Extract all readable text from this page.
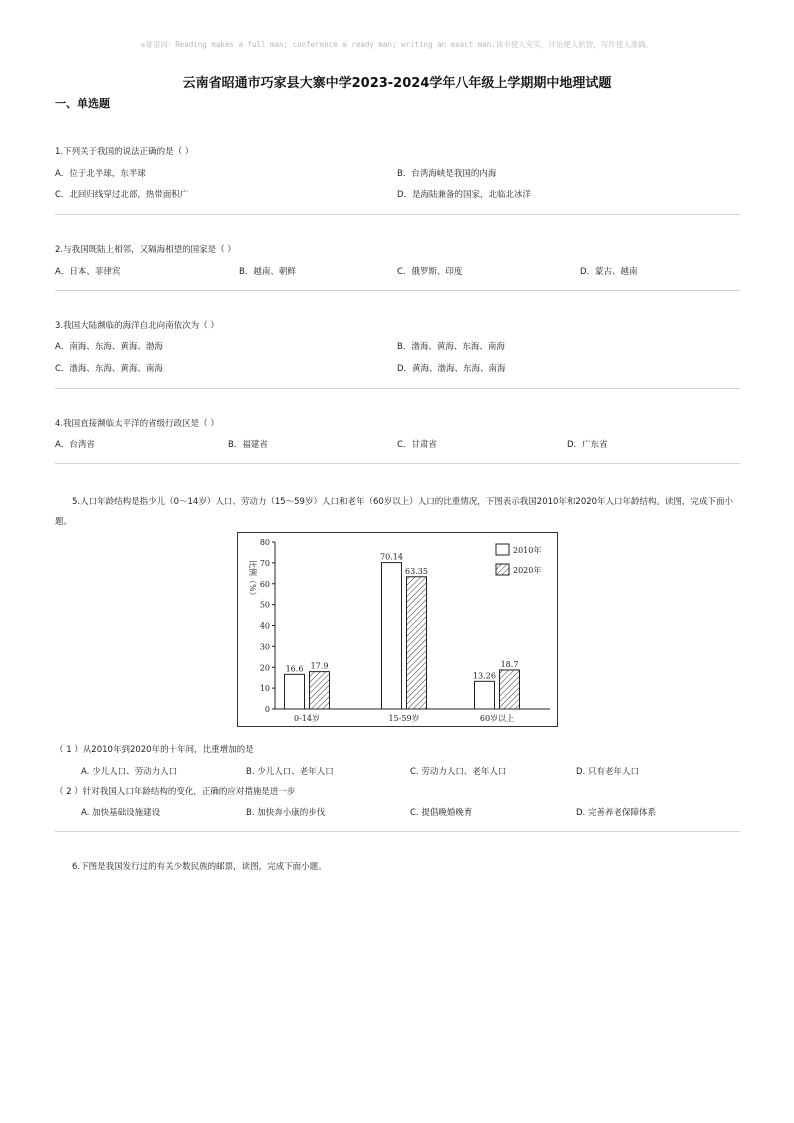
◎寄语词：Reading makes a full man; conference a ready man; writing an exact man.读书使人充实，讨论使人机智，写作使人准确。
云南省昭通市巧家县大寨中学2023-2024学年八年级上学期期中地理试题
一、单选题
1.下列关于我国的说法正确的是（ ）
A．位于北半球，东半球	B．台湾海峡是我国的内海
C．北回归线穿过北部，热带面积广	D．是海陆兼备的国家，北临北冰洋
2.与我国既陆上相邻，又隔海相望的国家是（ ）
A．日本、菲律宾	B．越南、朝鲜	C．俄罗斯、印度	D．蒙古、越南
3.我国大陆濒临的海洋自北向南依次为（ ）
A．南海、东海、黄海、渤海	B．渤海、黄海、东海、南海
C．渤海、东海、黄海、南海	D．黄海、渤海、东海、南海
4.我国直接濒临太平洋的省级行政区是（ ）
A．台湾省	B．福建省	C．甘肃省	D．广东省
5.人口年龄结构是指少儿（0～14岁）人口、劳动力（15～59岁）人口和老年（60岁以上）人口的比重情况，下图表示我国2010年和2020年人口年龄结构。读图，完成下面小题。
0
10
20
30
40
50
60
70
80
比例（%）
0-14岁
16.6 17.9
15-59岁
70.14
63.35
60岁以上
13.26
18.7
2010年
2020年
（ 1 ）从2010年到2020年的十年间，比重增加的是
A. 少儿人口、劳动力人口	B. 少儿人口、老年人口	C. 劳动力人口、老年人口	D. 只有老年人口
（ 2 ）针对我国人口年龄结构的变化，正确的应对措施是进一步
A. 加快基础设施建设	B. 加快奔小康的步伐	C. 提倡晚婚晚育	D. 完善养老保障体系
6.下图是我国发行过的有关少数民族的邮票，读图，完成下面小题。
